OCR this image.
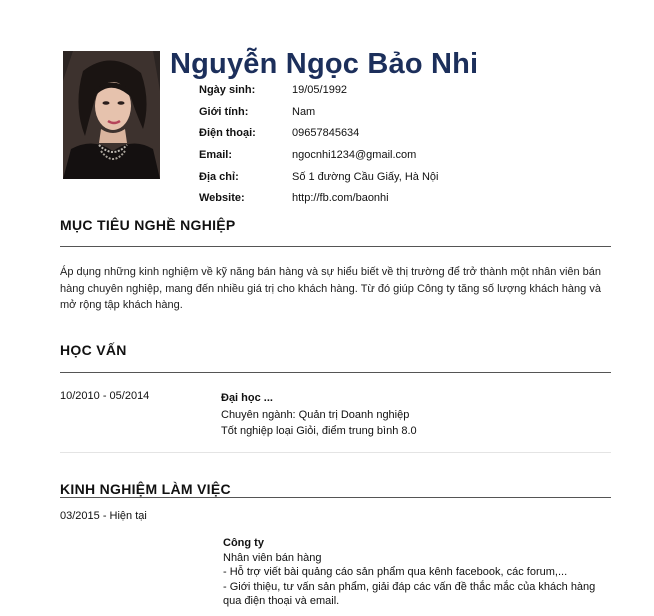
Nguyễn Ngọc Bảo Nhi
Ngày sinh:	19/05/1992
Giới tính:	Nam
Điện thoại:	09657845634
Email:	ngocnhi1234@gmail.com
Địa chỉ:	Số 1 đường Cầu Giấy, Hà Nội
Website:	http://fb.com/baonhi
MỤC TIÊU NGHỀ NGHIỆP
Áp dụng những kinh nghiệm về kỹ năng bán hàng và sự hiểu biết về thị trường để trở thành một nhân viên bán hàng chuyên nghiệp, mang đến nhiều giá trị cho khách hàng. Từ đó giúp Công ty tăng số lượng khách hàng và mở rộng tập khách hàng.
HỌC VẤN
10/2010 - 05/2014	Đại học ...
Chuyên ngành: Quản trị Doanh nghiệp
Tốt nghiệp loại Giỏi, điểm trung bình 8.0
KINH NGHIỆM LÀM VIỆC
03/2015 - Hiện tại
Công ty
Nhân viên bán hàng
- Hỗ trợ viết bài quảng cáo sản phẩm qua kênh facebook, các forum,...
- Giới thiệu, tư vấn sản phẩm, giải đáp các vấn đề thắc mắc của khách hàng qua điện thoại và email.
